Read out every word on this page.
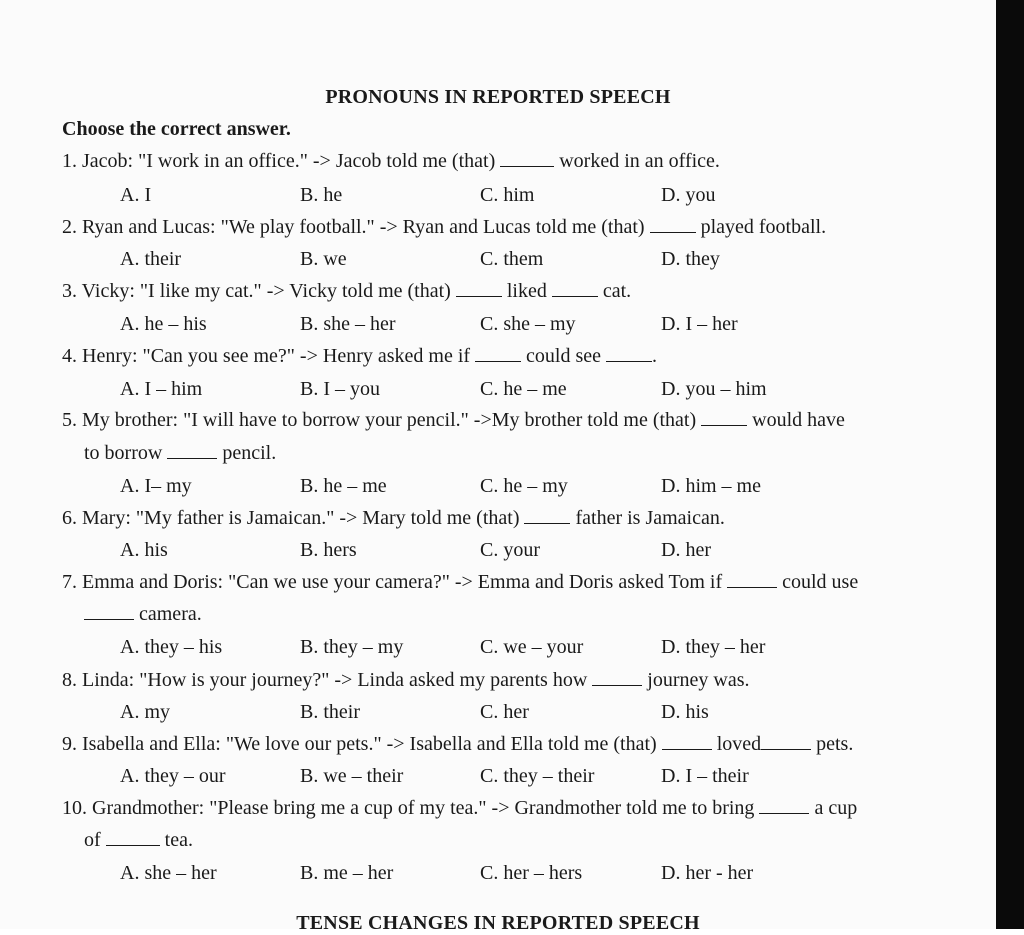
PRONOUNS IN REPORTED SPEECH
Choose the correct answer.
1. Jacob: "I work in an office." -> Jacob told me (that)	worked in an office.
A. I	B. he	C. him	D. you
2. Ryan and Lucas: "We play football." -> Ryan and Lucas told me (that)	played football.
A. their	B. we	C. them	D. they
3. Vicky: "I like my cat." -> Vicky told me (that)	liked	cat.
A. he – his	B. she – her	C. she – my	D. I – her
4. Henry: "Can you see me?" -> Henry asked me if	could see	.
A. I – him	B. I – you	C. he – me	D. you – him
5. My brother: "I will have to borrow your pencil." ->My brother told me (that)	would have
to borrow	pencil.
A. I– my	B. he – me	C. he – my	D. him – me
6. Mary: "My father is Jamaican." -> Mary told me (that)	father is Jamaican.
A. his	B. hers	C. your	D. her
7. Emma and Doris: "Can we use your camera?" -> Emma and Doris asked Tom if	could use
camera.
A. they – his	B. they – my	C. we – your	D. they – her
8. Linda: "How is your journey?" -> Linda asked my parents how	journey was.
A. my	B. their	C. her	D. his
9. Isabella and Ella: "We love our pets." -> Isabella and Ella told me (that)	loved	pets.
A. they – our	B. we – their	C. they – their	D. I – their
10. Grandmother: "Please bring me a cup of my tea." -> Grandmother told me to bring	a cup
of	tea.
A. she – her	B. me – her	C. her – hers	D. her - her
TENSE CHANGES IN REPORTED SPEECH
